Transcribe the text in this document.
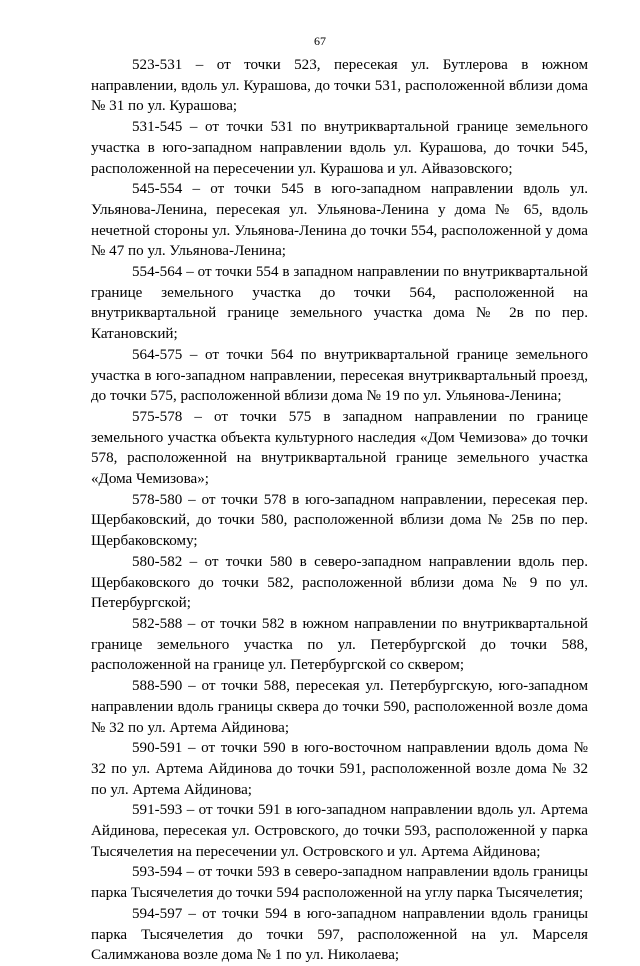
67

523-531 – от точки 523, пересекая ул. Бутлерова в южном направлении, вдоль ул. Курашова, до точки 531, расположенной вблизи дома № 31 по ул. Курашова;

531-545 – от точки 531 по внутриквартальной границе земельного участка в юго-западном направлении вдоль ул. Курашова, до точки 545, расположенной на пересечении ул. Курашова и ул. Айвазовского;

545-554 – от точки 545 в юго-западном направлении вдоль ул. Ульянова-Ленина, пересекая ул. Ульянова-Ленина у дома № 65, вдоль нечетной стороны ул. Ульянова-Ленина до точки 554, расположенной у дома № 47 по ул. Ульянова-Ленина;

554-564 – от точки 554 в западном направлении по внутриквартальной границе земельного участка до точки 564, расположенной на внутриквартальной границе земельного участка дома № 2в по пер. Катановский;

564-575 – от точки 564 по внутриквартальной границе земельного участка в юго-западном направлении, пересекая внутриквартальный проезд, до точки 575, расположенной вблизи дома № 19 по ул. Ульянова-Ленина;

575-578 – от точки 575 в западном направлении по границе земельного участка объекта культурного наследия «Дом Чемизова» до точки 578, расположенной на внутриквартальной границе земельного участка «Дома Чемизова»;

578-580 – от точки 578 в юго-западном направлении, пересекая пер. Щербаковский, до точки 580, расположенной вблизи дома № 25в по пер. Щербаковскому;

580-582 – от точки 580 в северо-западном направлении вдоль пер. Щербаковского до точки 582, расположенной вблизи дома № 9 по ул. Петербургской;

582-588 – от точки 582 в южном направлении по внутриквартальной границе земельного участка по ул. Петербургской до точки 588, расположенной на границе ул. Петербургской со сквером;

588-590 – от точки 588, пересекая ул. Петербургскую, юго-западном направлении вдоль границы сквера до точки 590, расположенной возле дома № 32 по ул. Артема Айдинова;

590-591 – от точки 590 в юго-восточном направлении вдоль дома № 32 по ул. Артема Айдинова до точки 591, расположенной возле дома № 32 по ул. Артема Айдинова;

591-593 – от точки 591 в юго-западном направлении вдоль ул. Артема Айдинова, пересекая ул. Островского, до точки 593, расположенной у парка Тысячелетия на пересечении ул. Островского и ул. Артема Айдинова;

593-594 – от точки 593 в северо-западном направлении вдоль границы парка Тысячелетия до точки 594 расположенной на углу парка Тысячелетия;

594-597 – от точки 594 в юго-западном направлении вдоль границы парка Тысячелетия до точки 597, расположенной на ул. Марселя Салимжанова возле дома № 1 по ул. Николаева;
